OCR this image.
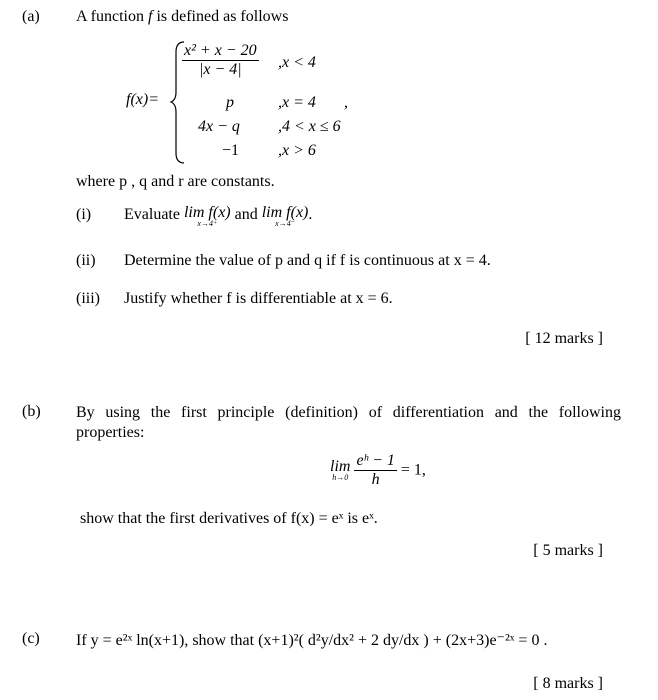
(a) A function f is defined as follows
f(x)=
$\frac{\text{x² + x − 20}}{|x - 4|} ,x < 4$
p	,x = 4 ,
4x − q ,4 < x ≤ 6
−1 ,x > 6
where p , q and r are constants.
(i) Evaluate lim f(x)
x→4⁺
and lim f(x)
x→4⁻
.
(ii) Determine the value of p and q if f is continuous at x = 4.
(iii) Justify whether f is differentiable at x = 6.
[ 12 marks ]
(b) By using the first principle (definition) of differentiation and the following properties:
lim
h→0
$\frac{\text{eʰ − 1}}{h} = 1$,
show that the first derivatives of f(x) = eˣ is eˣ.
[ 5 marks ]
(c) If y = e²ˣ ln(x+1), show that (x+1)²( d²y/dx² + 2 dy/dx ) + (2x+3)e⁻²ˣ = 0 .
[ 8 marks ]
